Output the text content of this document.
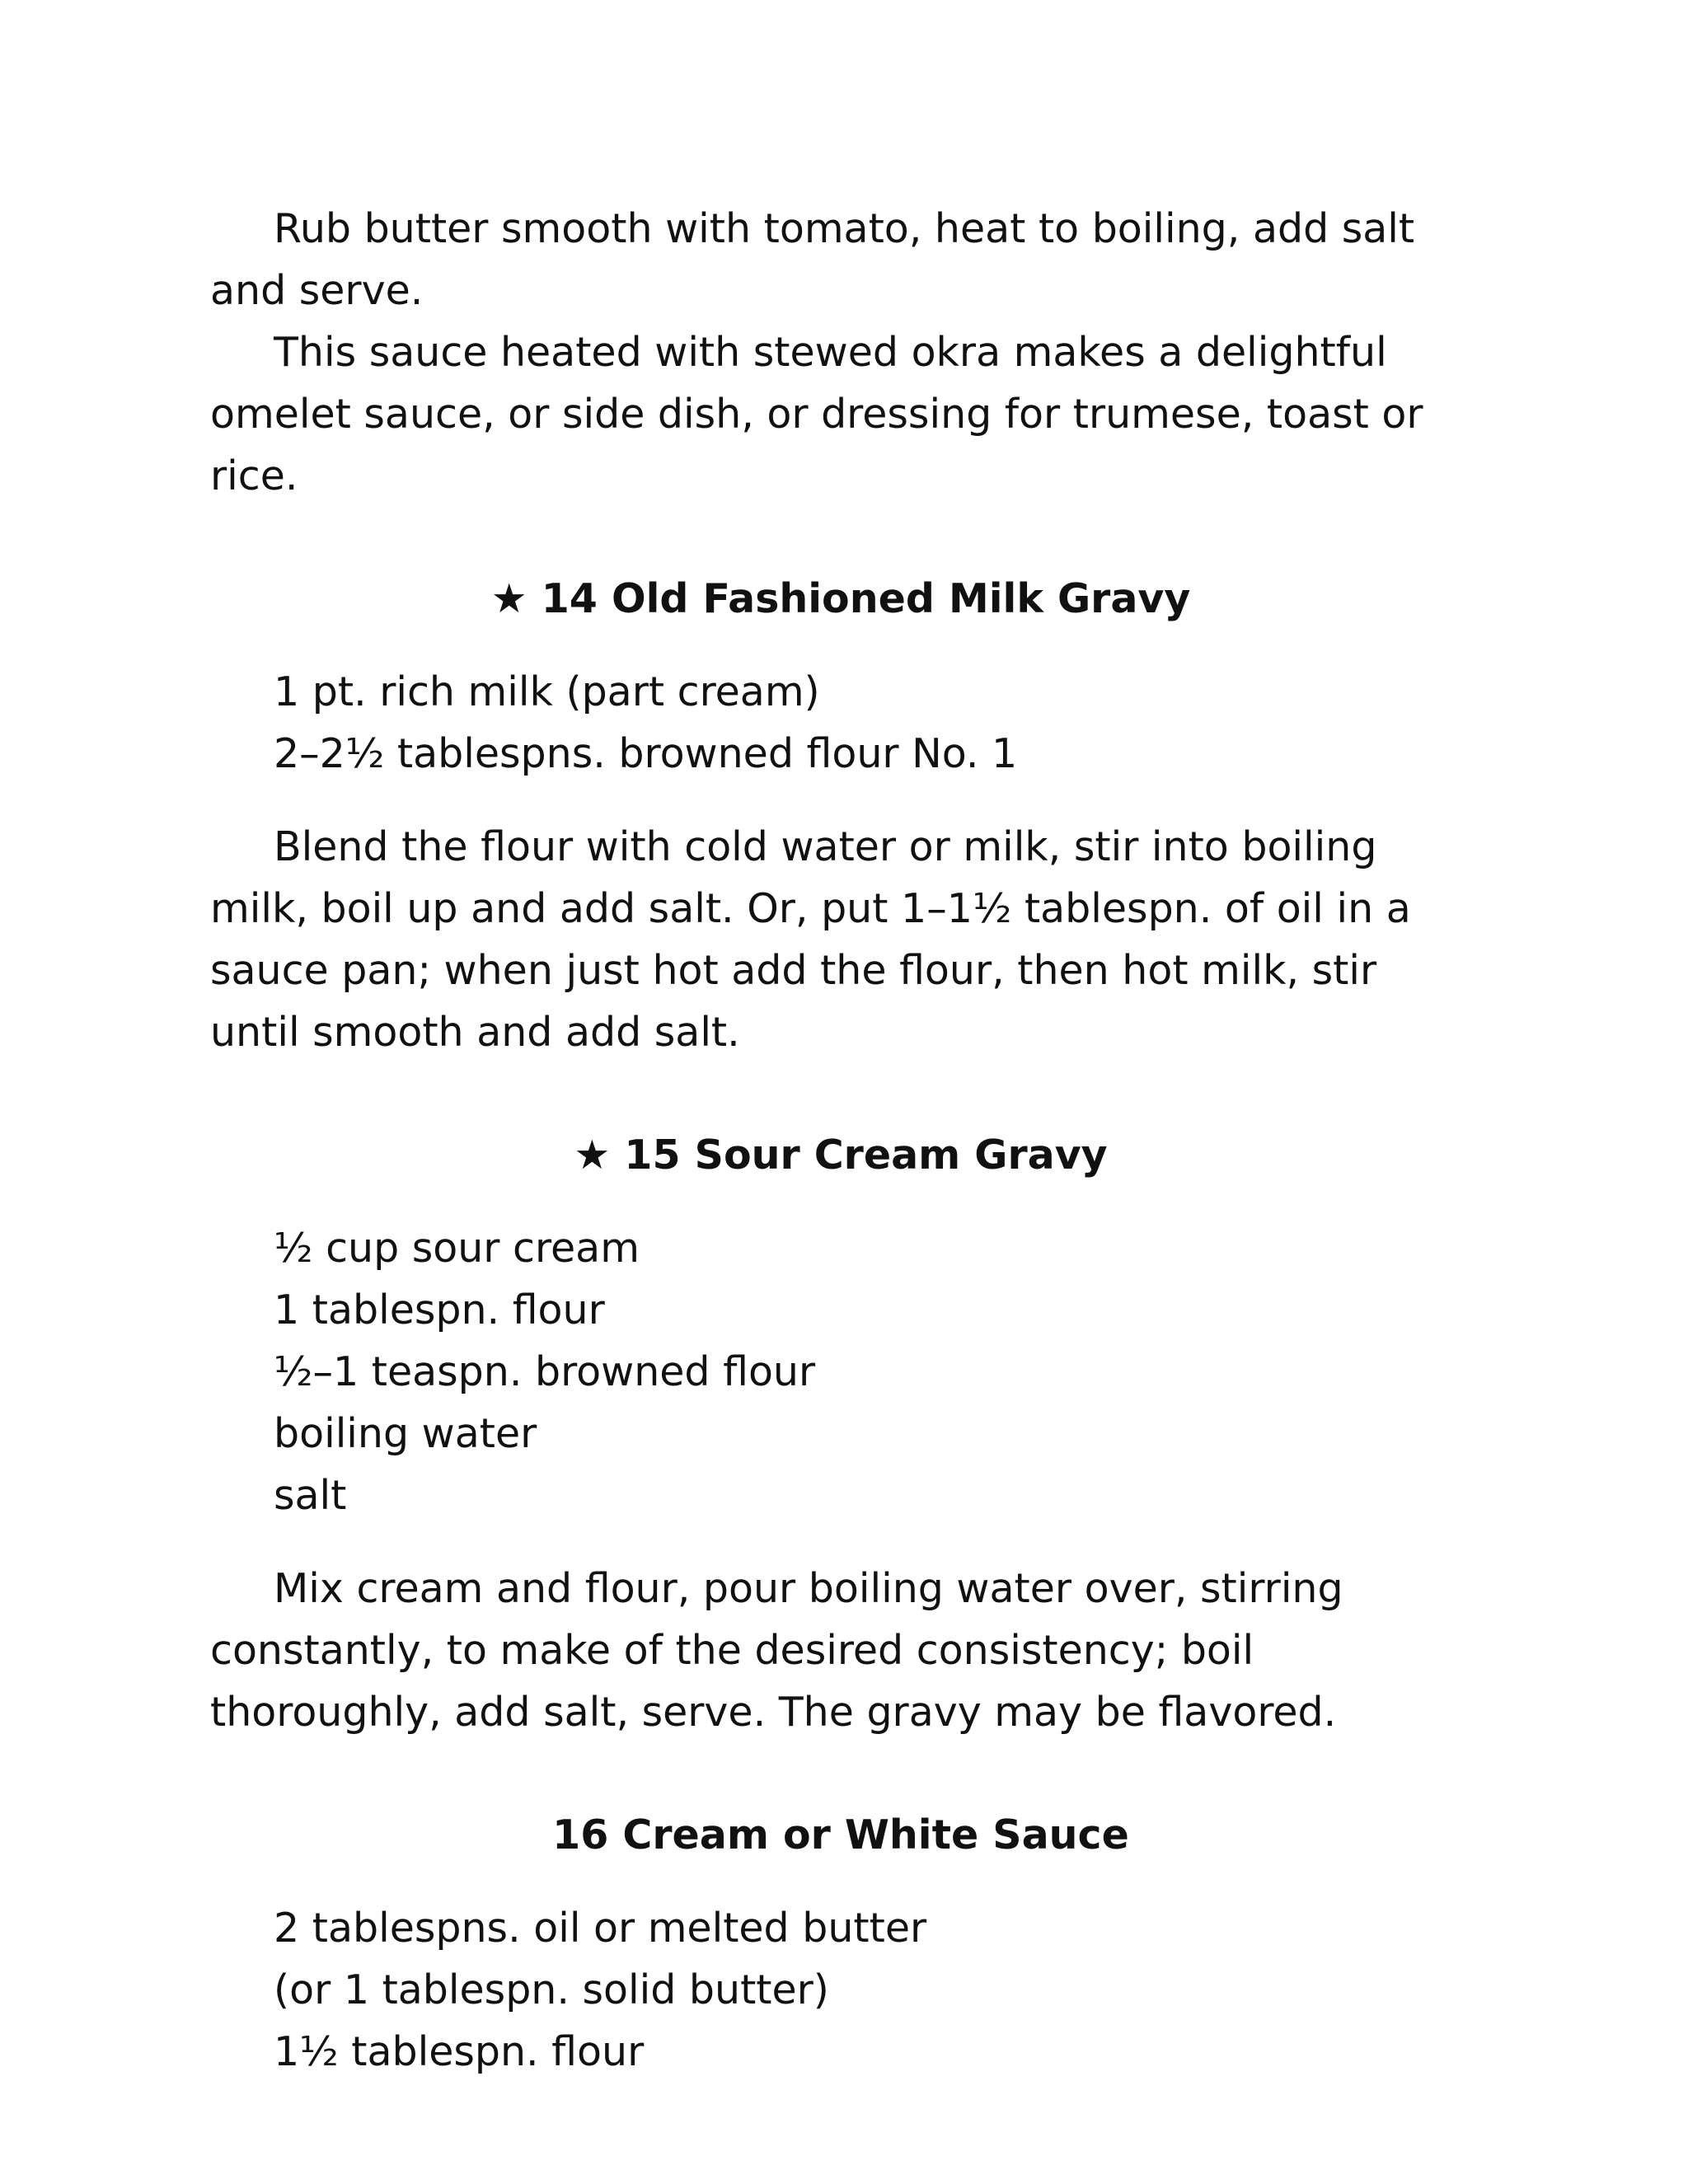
Rub butter smooth with tomato, heat to boiling, add salt and serve.

This sauce heated with stewed okra makes a delightful omelet sauce, or side dish, or dressing for trumese, toast or rice.

★ 14 Old Fashioned Milk Gravy

1 pt. rich milk (part cream)

2–2½ tablespns. browned flour No. 1

Blend the flour with cold water or milk, stir into boiling milk, boil up and add salt. Or, put 1–1½ tablespn. of oil in a sauce pan; when just hot add the flour, then hot milk, stir until smooth and add salt.

★ 15 Sour Cream Gravy

½ cup sour cream

1 tablespn. flour

½–1 teaspn. browned flour

boiling water

salt

Mix cream and flour, pour boiling water over, stirring constantly, to make of the desired consistency; boil thoroughly, add salt, serve. The gravy may be flavored.

16 Cream or White Sauce

2 tablespns. oil or melted butter

(or 1 tablespn. solid butter)

1½ tablespn. flour
